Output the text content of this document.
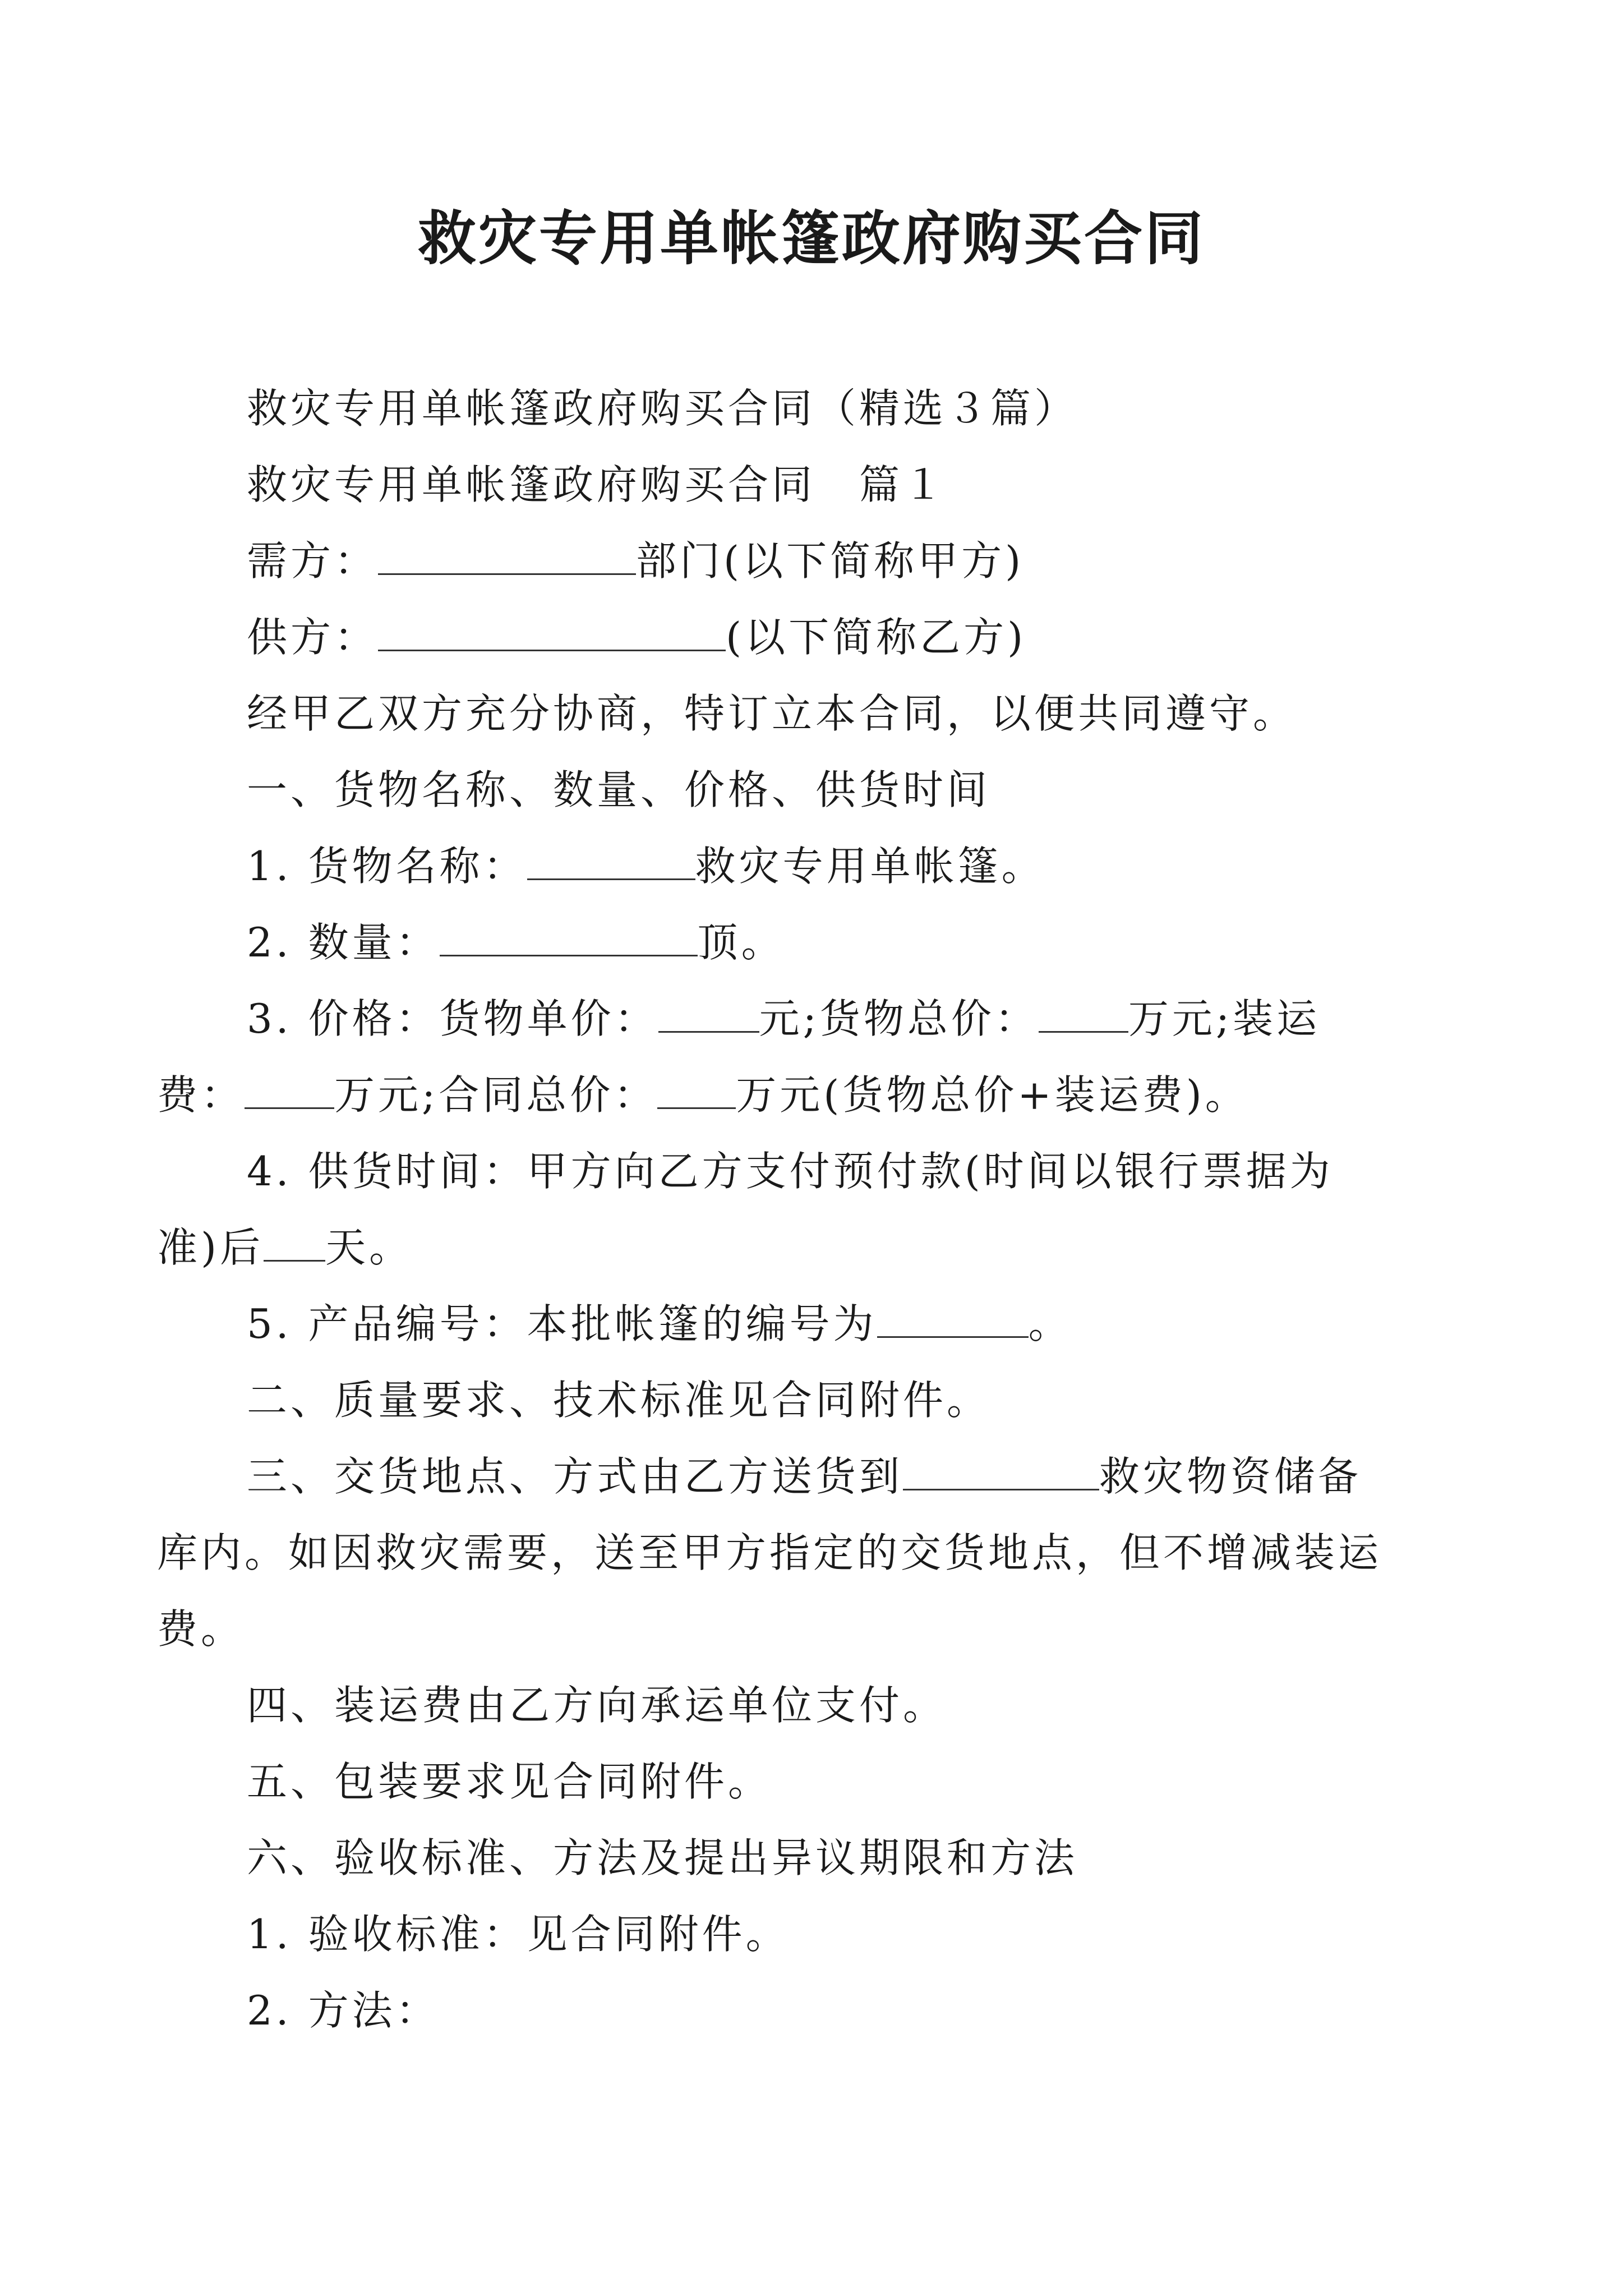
救灾专用单帐篷政府购买合同

救灾专用单帐篷政府购买合同（精选３篇）

救灾专用单帐篷政府购买合同　篇１

需方：	部门(以下简称甲方)

供方：	(以下简称乙方)

经甲乙双方充分协商，特订立本合同，以便共同遵守。

一、货物名称、数量、价格、供货时间

1. 货物名称：	救灾专用单帐篷。

2. 数量：	顶。

3. 价格：货物单价：	元;货物总价： 万元;装运费： 万元;合同总价： 万元(货物总价+装运费)。

4. 供货时间：甲方向乙方支付预付款(时间以银行票据为准)后 天。

5. 产品编号：本批帐篷的编号为	。

二、质量要求、技术标准见合同附件。

三、交货地点、方式由乙方送货到	救灾物资储备库内。如因救灾需要，送至甲方指定的交货地点，但不增减装运费。

四、装运费由乙方向承运单位支付。

五、包装要求见合同附件。

六、验收标准、方法及提出异议期限和方法

1. 验收标准：见合同附件。

2. 方法：
